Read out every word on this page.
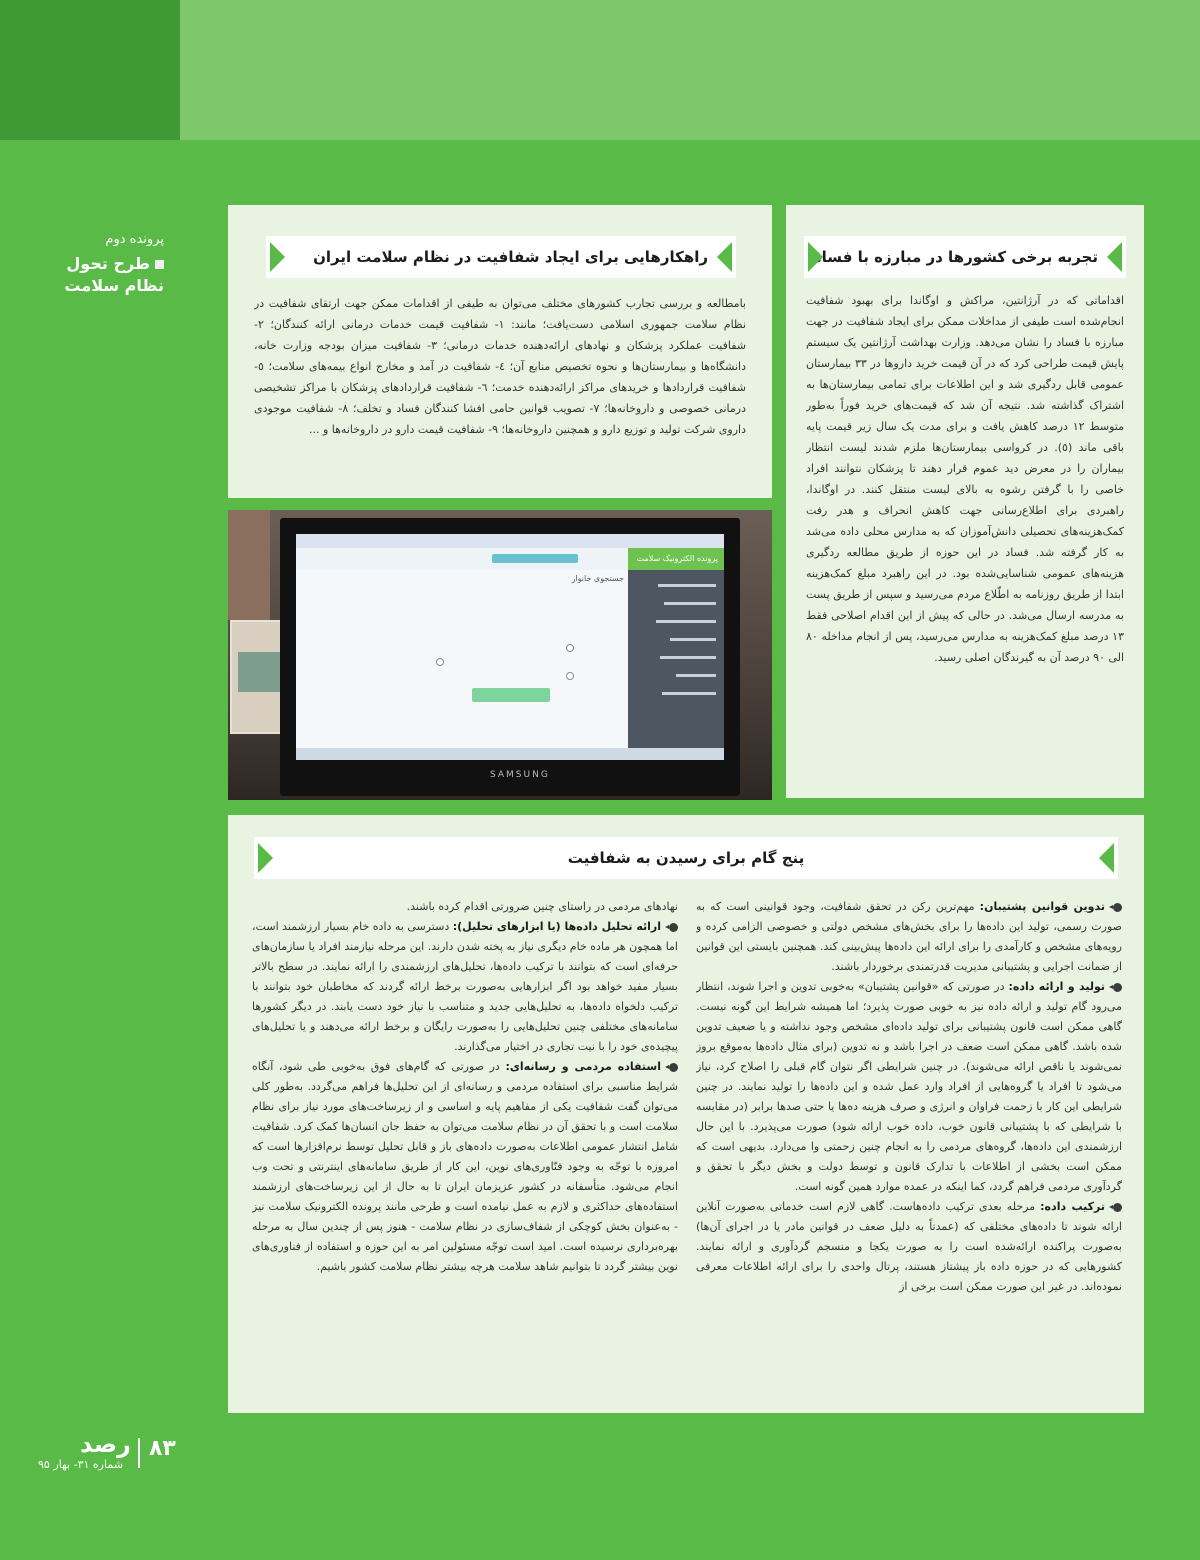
پرونده دوم
طرح تحول
نظام سلامت
راهکارهایی برای ایجاد شفافیت در نظام سلامت ایران
بامطالعه و بررسی تجارب کشورهای مختلف می‌توان به طیفی از اقدامات ممکن جهت ارتقای شفافیت در نظام سلامت جمهوری اسلامی دست‌یافت؛ مانند: ۱- شفافیت قیمت خدمات درمانی ارائه کنندگان؛ ۲- شفافیت عملکرد پزشکان و نهادهای ارائه‌دهنده خدمات درمانی؛ ۳- شفافیت میزان بودجه وزارت خانه، دانشگاه‌ها و بیمارستان‌ها و نحوه تخصیص منابع آن؛ ٤- شفافیت در آمد و مخارج انواع بیمه‌های سلامت؛ ٥- شفافیت قراردادها و خریدهای مراکز ارائه‌دهنده خدمت؛ ٦- شفافیت قراردادهای پزشکان با مراکز تشخیصی درمانی خصوصی و داروخانه‌ها؛ ۷- تصویب قوانین حامی افشا کنندگان فساد و تخلف؛ ۸- شفافیت موجودی داروی شرکت تولید و توزیع دارو و همچنین داروخانه‌ها؛ ۹- شفافیت قیمت دارو در داروخانه‌ها و ...
تجربه برخی کشورها در مبارزه با فساد
اقداماتی که در آرژانتین، مراکش و اوگاندا برای بهبود شفافیت انجام‌شده است طیفی از مداخلات ممکن برای ایجاد شفافیت در جهت مبارزه با فساد را نشان می‌دهد. وزارت بهداشت آرژانتین یک سیستم پایش قیمت طراحی کرد که در آن قیمت خرید داروها در ۳۳ بیمارستان عمومی قابل ردگیری شد و این اطلاعات برای تمامی بیمارستان‌ها به اشتراک گذاشته شد. نتیجه آن شد که قیمت‌های خرید فوراً به‌طور متوسط ۱۲ درصد کاهش یافت و برای مدت یک سال زیر قیمت پایه باقی ماند (٥). در کرواسی بیمارستان‌ها ملزم شدند لیست انتظار بیماران را در معرض دید عموم قرار دهند تا پزشکان نتوانند افراد خاصی را با گرفتن رشوه به بالای لیست منتقل کنند. در اوگاندا، راهبردی برای اطلاع‌رسانی جهت کاهش انحراف و هدر رفت کمک‌هزینه‌های تحصیلی دانش‌آموزان که به مدارس محلی داده می‌شد به کار گرفته شد. فساد در این حوزه از طریق مطالعه ردگیری هزینه‌های عمومی شناسایی‌شده بود. در این راهبرد مبلغ کمک‌هزینه ابتدا از طریق روزنامه به اطّلاع مردم می‌رسید و سپس از طریق پست به مدرسه ارسال می‌شد. در حالی که پیش از این اقدام اصلاحی فقط ۱۳ درصد مبلغ کمک‌هزینه به مدارس می‌رسید، پس از انجام مداخله ۸۰ الی ۹۰ درصد آن به گیرندگان اصلی رسید.
پرونده الکترونیک سلامت
جستجوی خانوار
SAMSUNG
پنج گام برای رسیدن به شفافیت

تدوین قوانین پشتیبان: مهم‌ترین رکن در تحقق شفافیت، وجود قوانینی است که به صورت رسمی، تولید این داده‌ها را برای بخش‌های مشخص دولتی و خصوصی الزامی کرده و رویه‌های مشخص و کارآمدی را برای ارائه این داده‌ها پیش‌بینی کند. همچنین بایستی این قوانین از ضمانت اجرایی و پشتیبانی مدیریت قدرتمندی برخوردار باشند.

تولید و ارائه داده: در صورتی که «قوانین پشتیبان» به‌خوبی تدوین و اجرا شوند، انتظار می‌رود گام تولید و ارائه داده نیز به خوبی صورت پذیرد؛ اما همیشه شرایط این گونه نیست. گاهی ممکن است قانون پشتیبانی برای تولید داده‌ای مشخص وجود نداشته و یا ضعیف تدوین شده باشد. گاهی ممکن است ضعف در اجرا باشد و نه تدوین (برای مثال داده‌ها به‌موقع بروز نمی‌شوند یا ناقص ارائه می‌شوند). در چنین شرایطی اگر نتوان گام قبلی را اصلاح کرد، نیاز می‌شود تا افراد یا گروه‌هایی از افراد وارد عمل شده و این داده‌ها را تولید نمایند. در چنین شرایطی این کار با زحمت فراوان و انرژی و صرف هزینه ده‌ها یا حتی صدها برابر (در مقایسه با شرایطی که با پشتیبانی قانون خوب، داده خوب ارائه شود) صورت می‌پذیرد. با این حال ارزشمندی این داده‌ها، گروه‌های مردمی را به انجام چنین زحمتی وا می‌دارد. بدیهی است که ممکن است بخشی از اطلاعات با تدارک قانون و توسط دولت و بخش دیگر با تحقق و گردآوری مردمی فراهم گردد، کما اینکه در عمده موارد همین گونه است.

ترکیب داده: مرحله بعدی ترکیب داده‌هاست. گاهی لازم است خدماتی به‌صورت آنلاین ارائه شوند تا داده‌های مختلفی که (عمدتاً به دلیل ضعف در قوانین مادر یا در اجرای آن‌ها) به‌صورت پراکنده ارائه‌شده است را به صورت یکجا و منسجم گردآوری و ارائه نمایند. کشورهایی که در حوزه داده باز پیشتاز هستند، پرتال واحدی را برای ارائه اطلاعات معرفی نموده‌اند. در غیر این صورت ممکن است برخی از

نهادهای مردمی در راستای چنین ضرورتی اقدام کرده باشند.

ارائه تحلیل داده‌ها (یا ابزارهای تحلیل): دسترسی به داده خام بسیار ارزشمند است، اما همچون هر ماده خام دیگری نیاز به پخته شدن دارند. این مرحله نیازمند افراد یا سازمان‌های حرفه‌ای است که بتوانند با ترکیب داده‌ها، تحلیل‌های ارزشمندی را ارائه نمایند. در سطح بالاتر بسیار مفید خواهد بود اگر ابزارهایی به‌صورت برخط ارائه گردند که مخاطبان خود بتوانند با ترکیب دلخواه داده‌ها، به تحلیل‌هایی جدید و متناسب با نیاز خود دست یابند. در دیگر کشورها سامانه‌های مختلفی چنین تحلیل‌هایی را به‌صورت رایگان و برخط ارائه می‌دهند و یا تحلیل‌های پیچیده‌ی خود را با نیت تجاری در اختیار می‌گذارند.

استفاده مردمی و رسانه‌ای: در صورتی که گام‌های فوق به‌خوبی طی شود، آنگاه شرایط مناسبی برای استفاده مردمی و رسانه‌ای از این تحلیل‌ها فراهم می‌گردد. به‌طور کلی می‌توان گفت شفافیت یکی از مفاهیم پایه و اساسی و از زیرساخت‌های مورد نیاز برای نظام سلامت است و با تحقق آن در نظام سلامت می‌توان به حفظ جان انسان‌ها کمک کرد. شفافیت شامل انتشار عمومی اطلاعات به‌صورت داده‌های باز و قابل تحلیل توسط نرم‌افزارها است که امروزه با توجّه به وجود فنّاوری‌های نوین، این کار از طریق سامانه‌های اینترنتی و تحت وب انجام می‌شود. متأسفانه در کشور عزیزمان ایران تا به حال از این زیرساخت‌های ارزشمند استفاده‌های حداکثری و لازم به عمل نیامده است و طرحی مانند پرونده الکترونیک سلامت نیز - به‌عنوان بخش کوچکی از شفاف‌سازی در نظام سلامت - هنوز پس از چندین سال به مرحله بهره‌برداری نرسیده است. امید است توجّه مسئولین امر به این حوزه و استفاده از فناوری‌های نوین بیشتر گردد تا بتوانیم شاهد سلامت هرچه بیشتر نظام سلامت کشور باشیم.

۸۳
رصد
شماره ۳۱- بهار ۹۵
